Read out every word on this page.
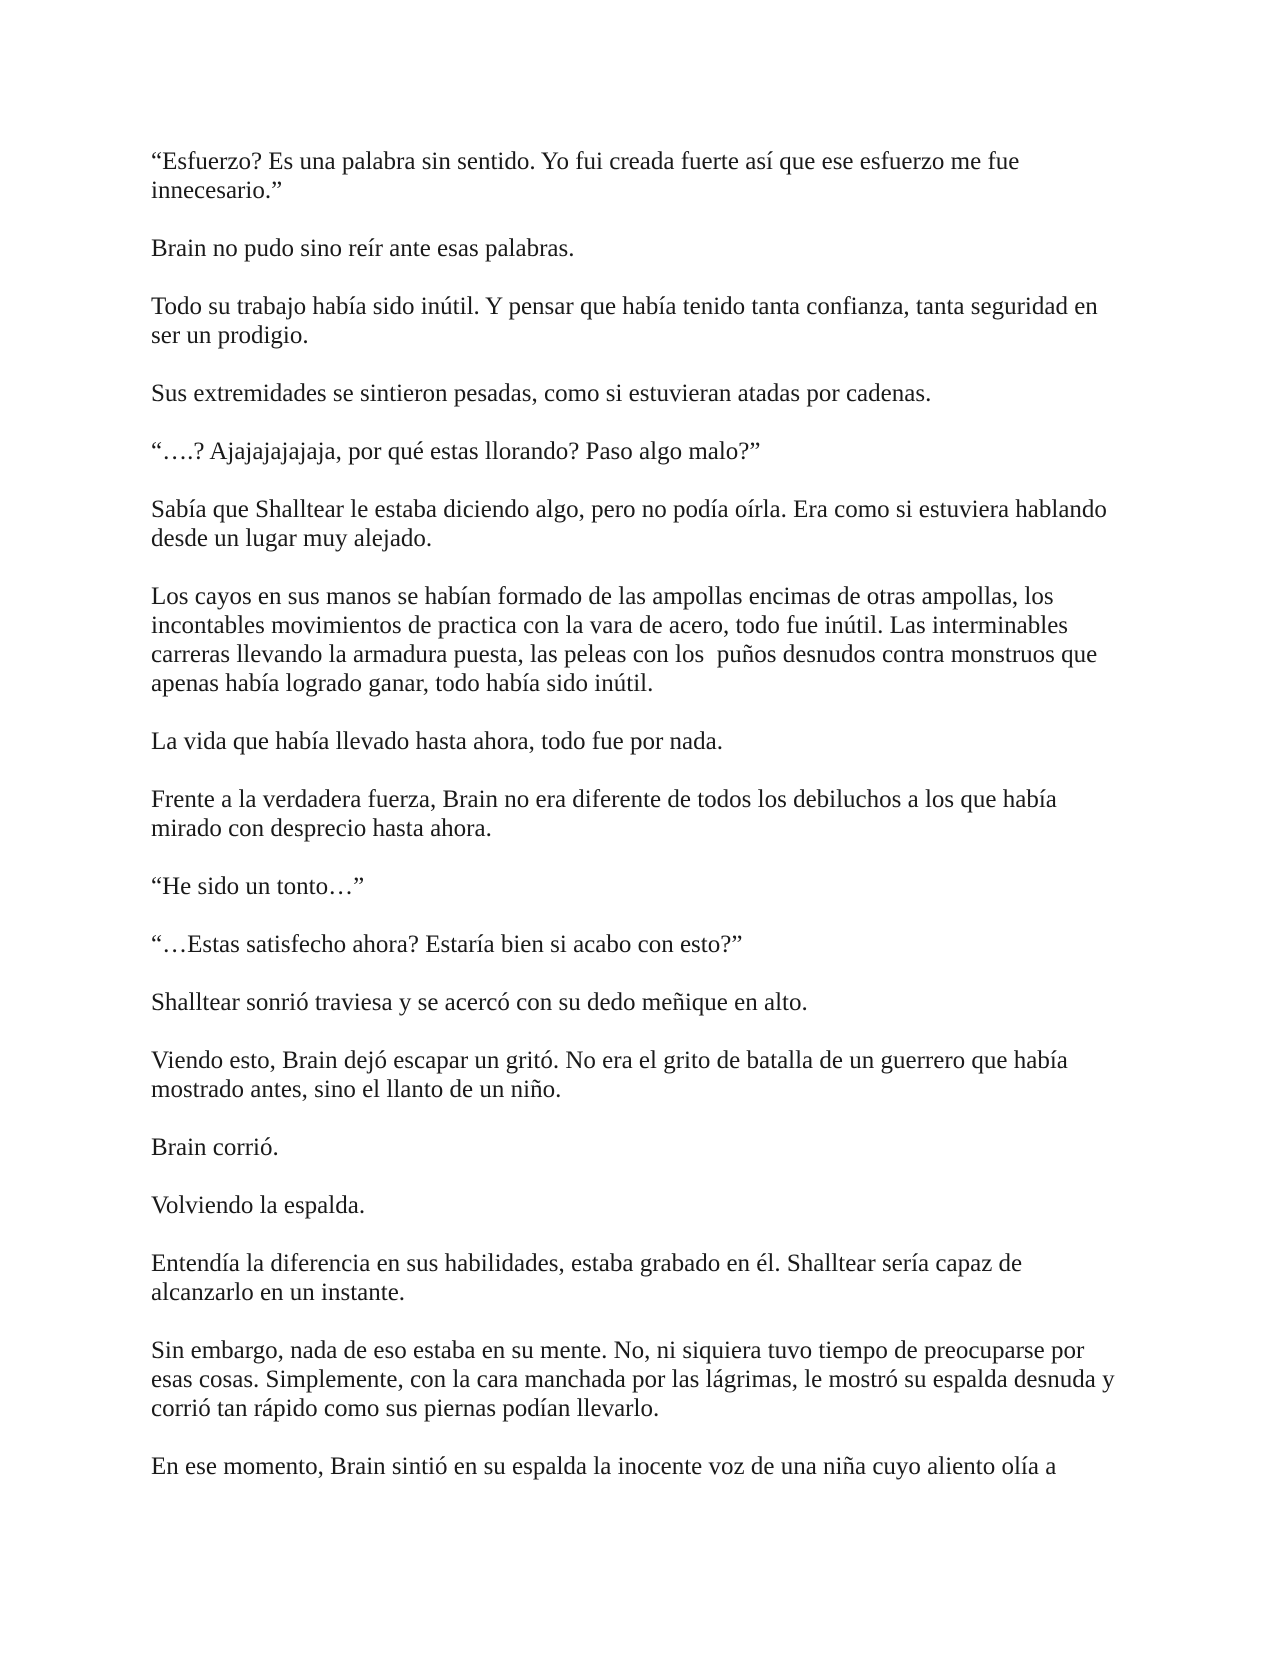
“Esfuerzo? Es una palabra sin sentido. Yo fui creada fuerte así que ese esfuerzo me fue innecesario.”

Brain no pudo sino reír ante esas palabras.

Todo su trabajo había sido inútil. Y pensar que había tenido tanta confianza, tanta seguridad en ser un prodigio.

Sus extremidades se sintieron pesadas, como si estuvieran atadas por cadenas.

“….? Ajajajajajaja, por qué estas llorando? Paso algo malo?”

Sabía que Shalltear le estaba diciendo algo, pero no podía oírla. Era como si estuviera hablando desde un lugar muy alejado.

Los cayos en sus manos se habían formado de las ampollas encimas de otras ampollas, los incontables movimientos de practica con la vara de acero, todo fue inútil. Las interminables carreras llevando la armadura puesta, las peleas con los  puños desnudos contra monstruos que apenas había logrado ganar, todo había sido inútil.

La vida que había llevado hasta ahora, todo fue por nada.

Frente a la verdadera fuerza, Brain no era diferente de todos los debiluchos a los que había mirado con desprecio hasta ahora.

“He sido un tonto…”

“…Estas satisfecho ahora? Estaría bien si acabo con esto?”

Shalltear sonrió traviesa y se acercó con su dedo meñique en alto.

Viendo esto, Brain dejó escapar un gritó. No era el grito de batalla de un guerrero que había mostrado antes, sino el llanto de un niño.

Brain corrió.

Volviendo la espalda.

Entendía la diferencia en sus habilidades, estaba grabado en él. Shalltear sería capaz de alcanzarlo en un instante.

Sin embargo, nada de eso estaba en su mente. No, ni siquiera tuvo tiempo de preocuparse por esas cosas. Simplemente, con la cara manchada por las lágrimas, le mostró su espalda desnuda y corrió tan rápido como sus piernas podían llevarlo.

En ese momento, Brain sintió en su espalda la inocente voz de una niña cuyo aliento olía a
